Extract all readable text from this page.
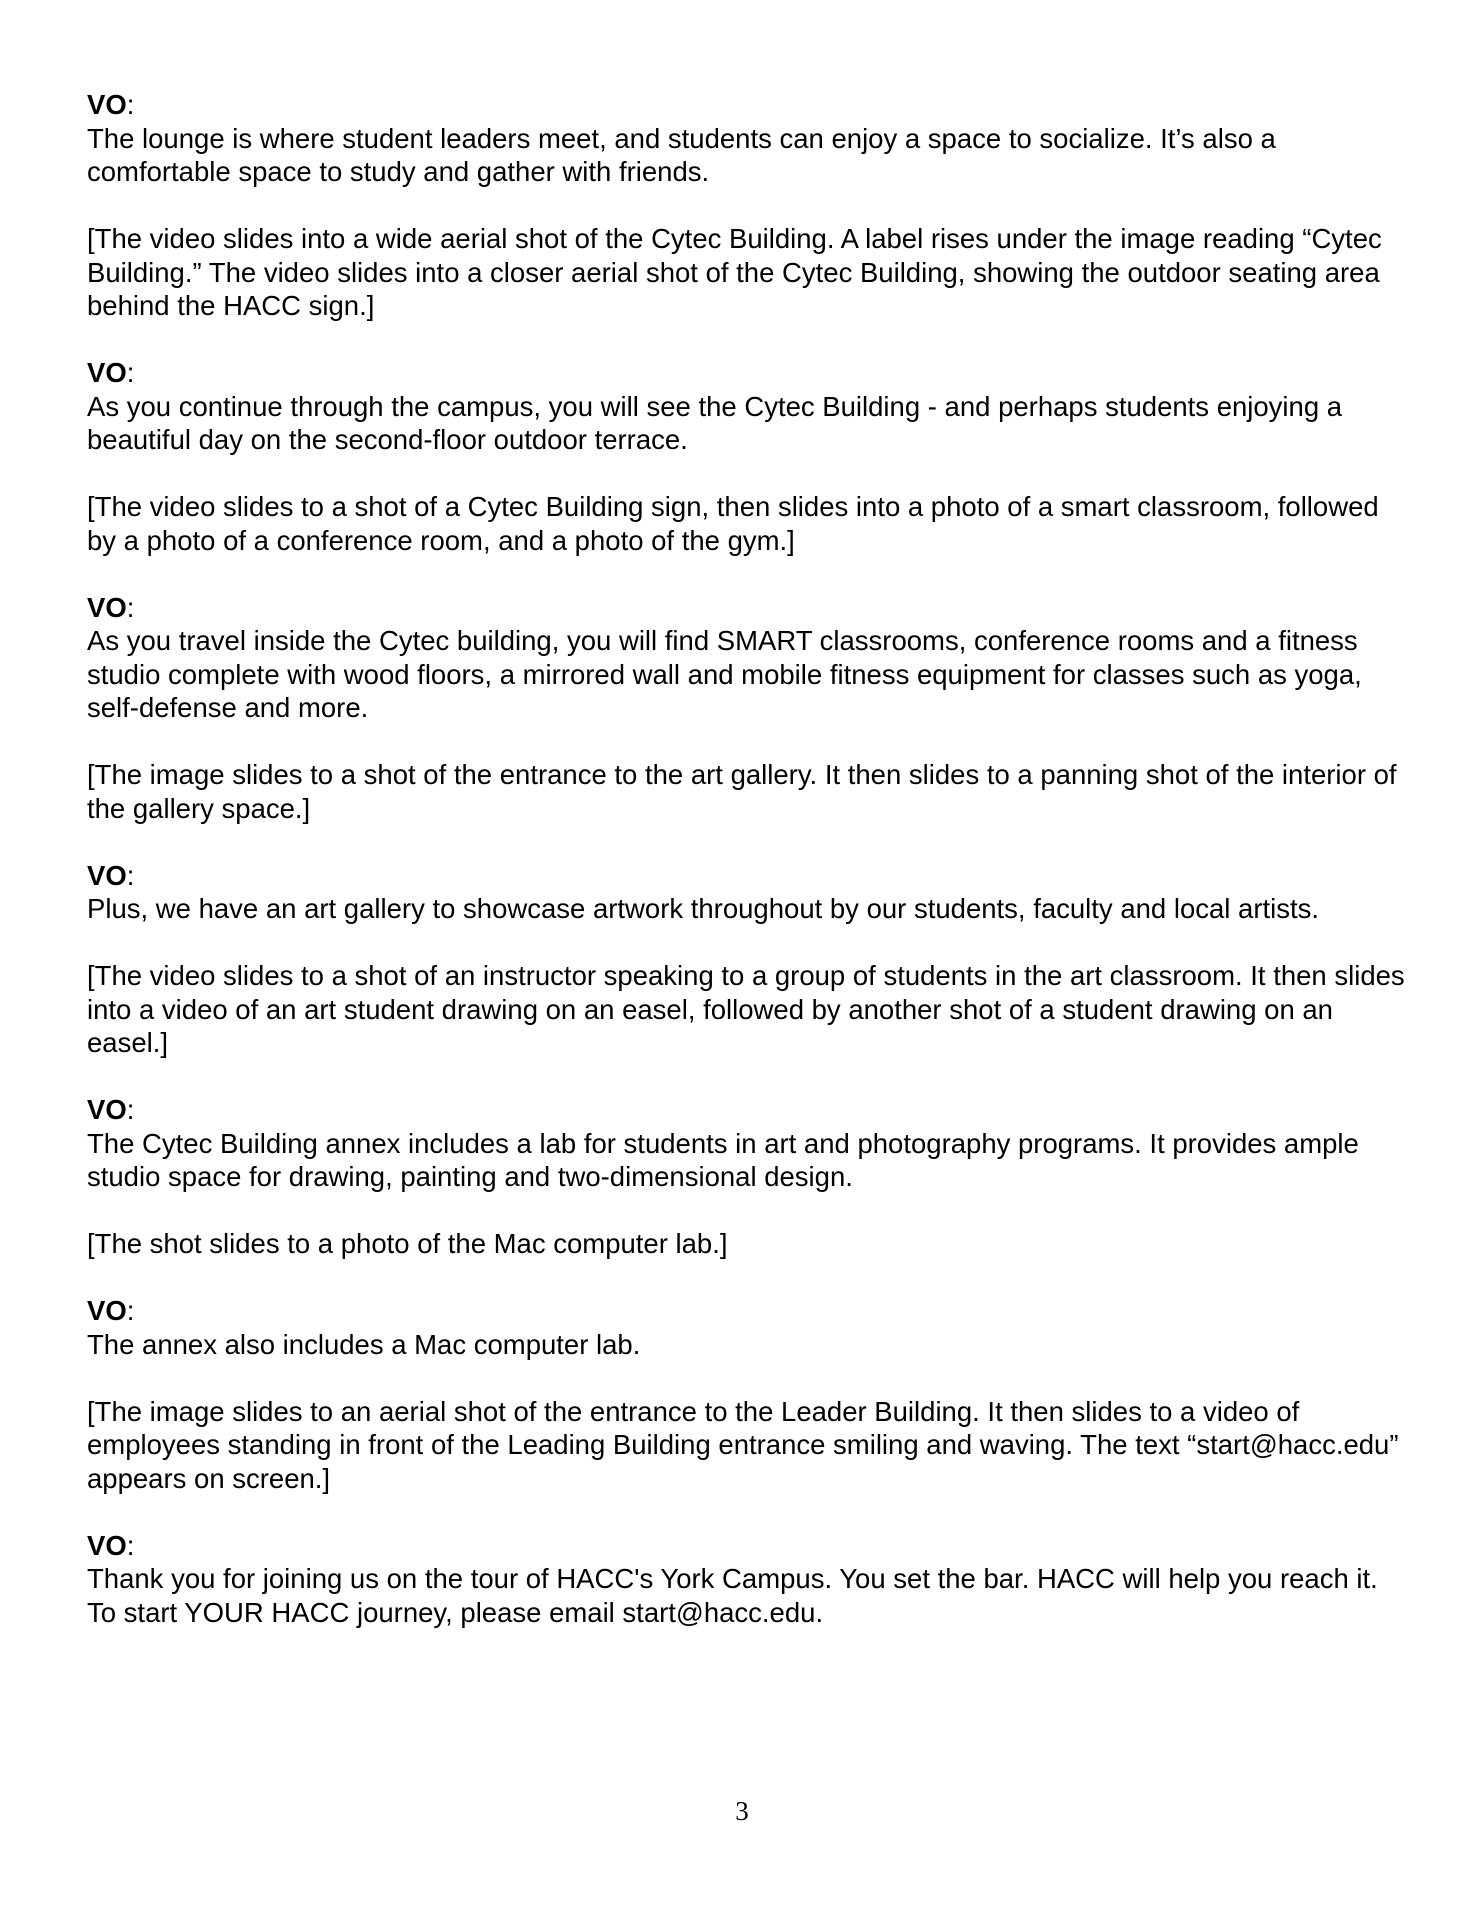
VO:
The lounge is where student leaders meet, and students can enjoy a space to socialize. It’s also a comfortable space to study and gather with friends.
[The video slides into a wide aerial shot of the Cytec Building. A label rises under the image reading “Cytec Building.” The video slides into a closer aerial shot of the Cytec Building, showing the outdoor seating area behind the HACC sign.]
VO:
As you continue through the campus, you will see the Cytec Building - and perhaps students enjoying a beautiful day on the second-floor outdoor terrace.
[The video slides to a shot of a Cytec Building sign, then slides into a photo of a smart classroom, followed by a photo of a conference room, and a photo of the gym.]
VO:
As you travel inside the Cytec building, you will find SMART classrooms, conference rooms and a fitness studio complete with wood floors, a mirrored wall and mobile fitness equipment for classes such as yoga, self-defense and more.
[The image slides to a shot of the entrance to the art gallery. It then slides to a panning shot of the interior of the gallery space.]
VO:
Plus, we have an art gallery to showcase artwork throughout by our students, faculty and local artists.
[The video slides to a shot of an instructor speaking to a group of students in the art classroom. It then slides into a video of an art student drawing on an easel, followed by another shot of a student drawing on an easel.]
VO:
The Cytec Building annex includes a lab for students in art and photography programs. It provides ample studio space for drawing, painting and two-dimensional design.
[The shot slides to a photo of the Mac computer lab.]
VO:
The annex also includes a Mac computer lab.
[The image slides to an aerial shot of the entrance to the Leader Building. It then slides to a video of employees standing in front of the Leading Building entrance smiling and waving. The text “start@hacc.edu” appears on screen.]
VO:
Thank you for joining us on the tour of HACC's York Campus. You set the bar. HACC will help you reach it. To start YOUR HACC journey, please email start@hacc.edu.
3
